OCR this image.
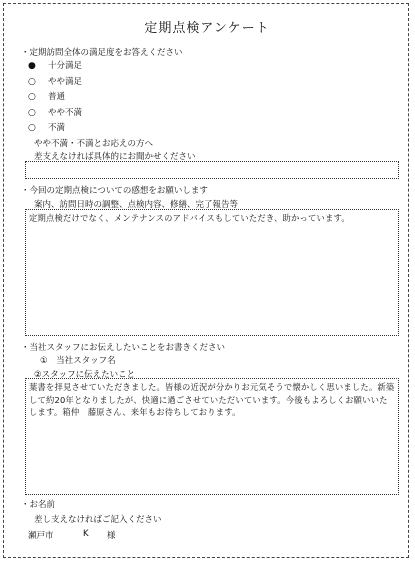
定期点検アンケート
・定期訪問全体の満足度をお答えください
● 十分満足
○ やや満足
○ 普通
○ やや不満
○ 不満
やや不満・不満とお応えの方へ
差支えなければ具体的にお聞かせください
・今回の定期点検についての感想をお願いします
案内、訪問日時の調整、点検内容、修繕、完了報告等
定期点検だけでなく、メンテナンスのアドバイスもしていただき、助かっています。
・当社スタッフにお伝えしたいことをお書きください
①　当社スタッフ名
②スタッフに伝えたいこと
葉書を拝見させていただきました。皆様の近況が分かりお元気そうで懐かしく思いました。新築して約20年となりましたが、快適に過ごさせていただいています。今後もよろしくお願いいたします。箱仲　藤原さん、来年もお待ちしております。
・お名前
差し支えなければご記入ください
瀬戸市	K 様
